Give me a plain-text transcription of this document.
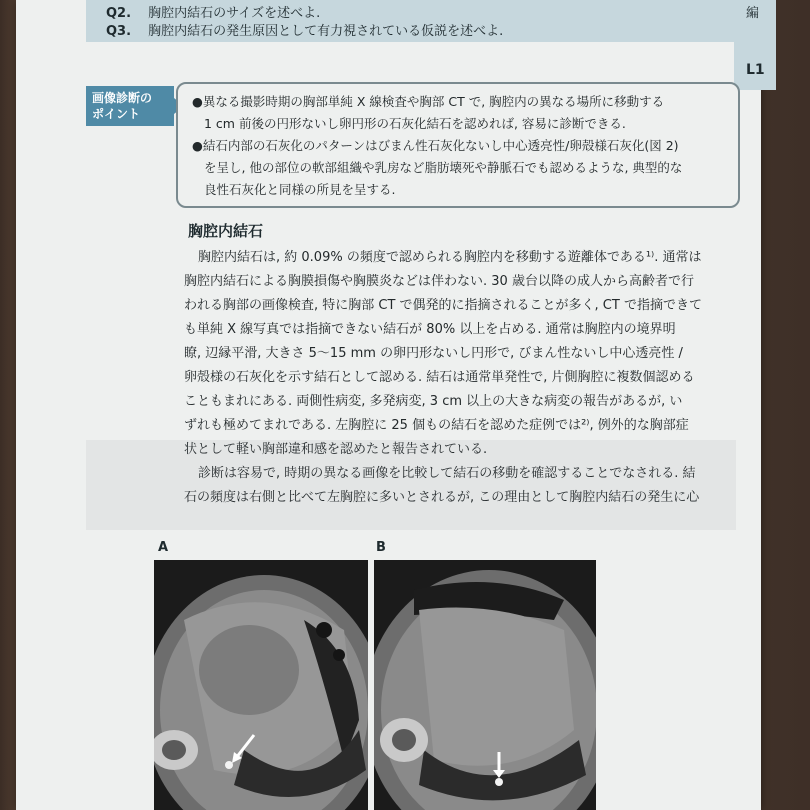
Q2. 胸腔内結石のサイズを述べよ.
Q3. 胸腔内結石の発生原因として有力視されている仮説を述べよ.
編
L1
画像診断の
ポイント
●異なる撮影時期の胸部単純 X 線検査や胸部 CT で, 胸腔内の異なる場所に移動する
1 cm 前後の円形ないし卵円形の石灰化結石を認めれば, 容易に診断できる.
●結石内部の石灰化のパターンはびまん性石灰化ないし中心透亮性/卵殻様石灰化(図 2)
を呈し, 他の部位の軟部組織や乳房など脂肪壊死や静脈石でも認めるような, 典型的な
良性石灰化と同様の所見を呈する.
胸腔内結石
胸腔内結石は, 約 0.09% の頻度で認められる胸腔内を移動する遊離体である¹⁾. 通常は
胸腔内結石による胸膜損傷や胸膜炎などは伴わない. 30 歳台以降の成人から高齢者で行
われる胸部の画像検査, 特に胸部 CT で偶発的に指摘されることが多く, CT で指摘できて
も単純 X 線写真では指摘できない結石が 80% 以上を占める. 通常は胸腔内の境界明
瞭, 辺縁平滑, 大きさ 5〜15 mm の卵円形ないし円形で, びまん性ないし中心透亮性 /
卵殻様の石灰化を示す結石として認める. 結石は通常単発性で, 片側胸腔に複数個認める
こともまれにある. 両側性病変, 多発病変, 3 cm 以上の大きな病変の報告があるが, い
ずれも極めてまれである. 左胸腔に 25 個もの結石を認めた症例では²⁾, 例外的な胸部症
状として軽い胸部違和感を認めたと報告されている.
診断は容易で, 時期の異なる画像を比較して結石の移動を確認することでなされる. 結
石の頻度は右側と比べて左胸腔に多いとされるが, この理由として胸腔内結石の発生に心
A	B
